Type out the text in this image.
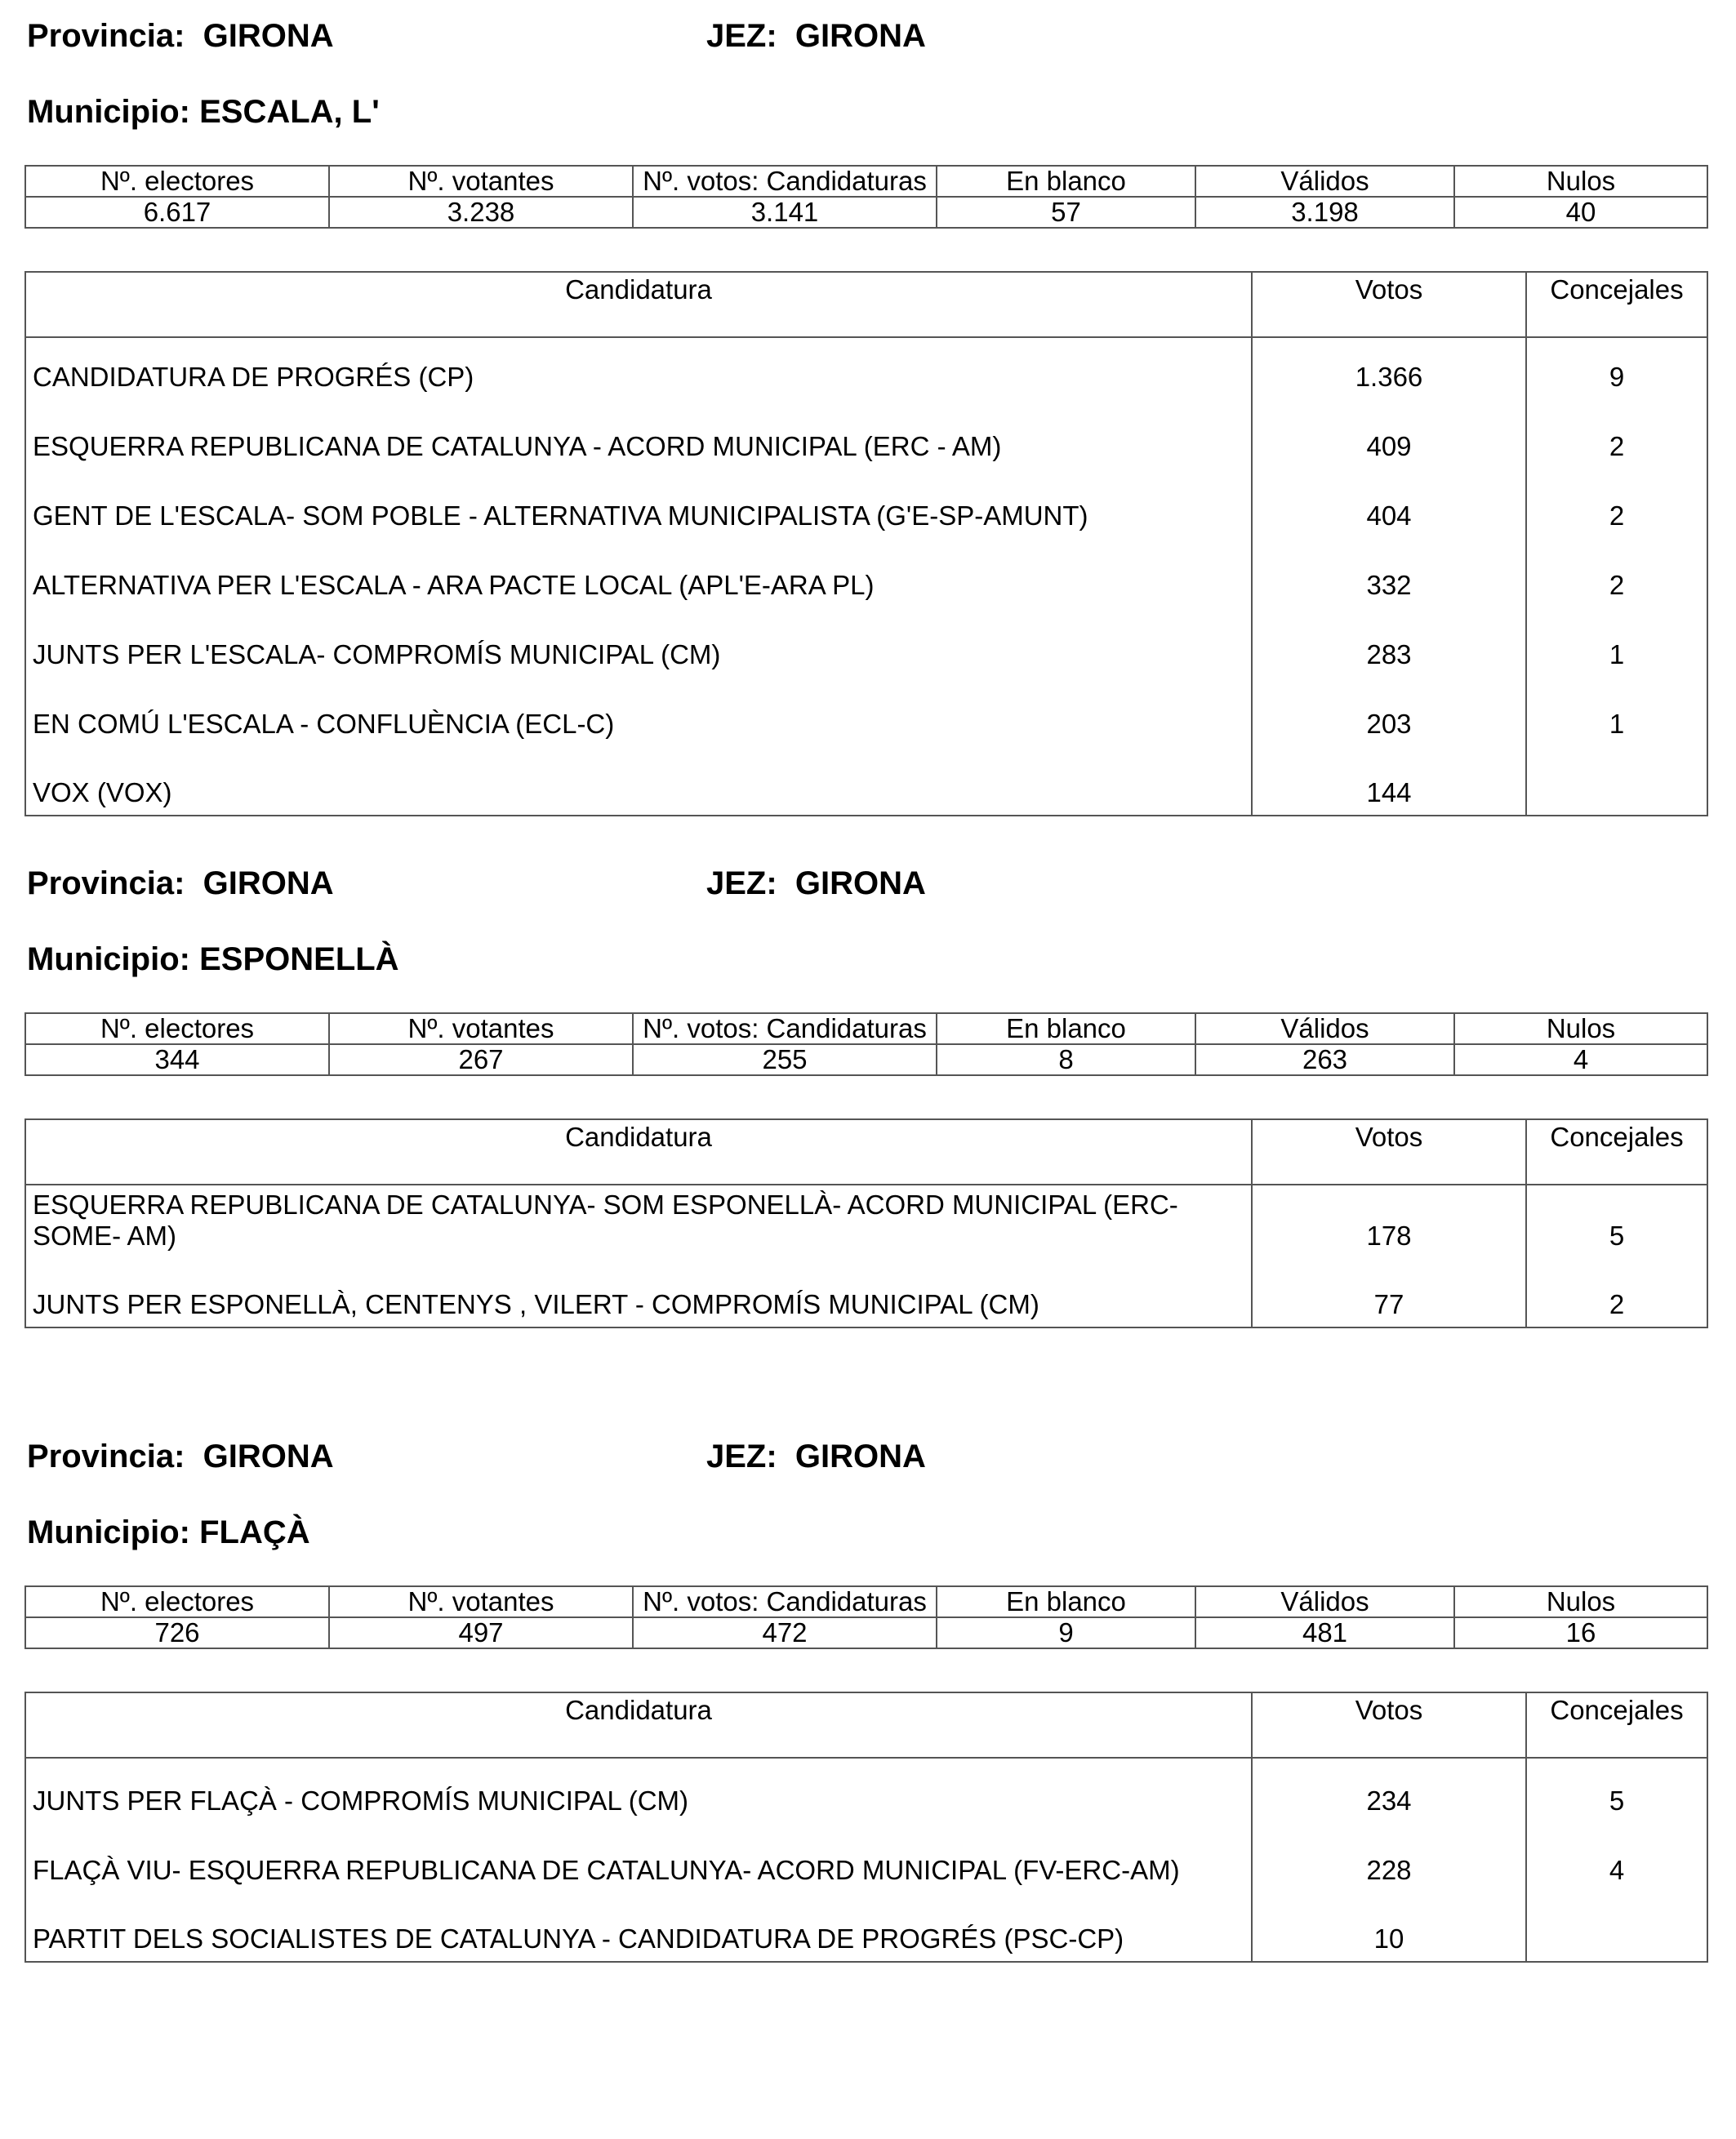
Provincia: GIRONA	JEZ: GIRONA
Municipio: ESCALA, L'
Nº. electores	Nº. votantes	Nº. votos: Candidaturas	En blanco	Válidos	Nulos
6.617	3.238	3.141	57	3.198	40
Candidatura	Votos	Concejales
CANDIDATURA DE PROGRÉS (CP)	1.366	9
ESQUERRA REPUBLICANA DE CATALUNYA - ACORD MUNICIPAL (ERC - AM)	409	2
GENT DE L'ESCALA- SOM POBLE - ALTERNATIVA MUNICIPALISTA (G'E-SP-AMUNT)	404	2
ALTERNATIVA PER L'ESCALA - ARA PACTE LOCAL (APL'E-ARA PL)	332	2
JUNTS PER L'ESCALA- COMPROMÍS MUNICIPAL (CM)	283	1
EN COMÚ L'ESCALA - CONFLUÈNCIA (ECL-C)	203	1
VOX (VOX)	144	
Provincia: GIRONA	JEZ: GIRONA
Municipio: ESPONELLÀ
Nº. electores	Nº. votantes	Nº. votos: Candidaturas	En blanco	Válidos	Nulos
344	267	255	8	263	4
Candidatura	Votos	Concejales
ESQUERRA REPUBLICANA DE CATALUNYA- SOM ESPONELLÀ- ACORD MUNICIPAL (ERC-
SOME- AM)	178	5
JUNTS PER ESPONELLÀ, CENTENYS , VILERT - COMPROMÍS MUNICIPAL (CM)	77	2
Provincia: GIRONA	JEZ: GIRONA
Municipio: FLAÇÀ
Nº. electores	Nº. votantes	Nº. votos: Candidaturas	En blanco	Válidos	Nulos
726	497	472	9	481	16
Candidatura	Votos	Concejales
JUNTS PER FLAÇÀ - COMPROMÍS MUNICIPAL (CM)	234	5
FLAÇÀ VIU- ESQUERRA REPUBLICANA DE CATALUNYA- ACORD MUNICIPAL (FV-ERC-AM)	228	4
PARTIT DELS SOCIALISTES DE CATALUNYA - CANDIDATURA DE PROGRÉS (PSC-CP)	10	
